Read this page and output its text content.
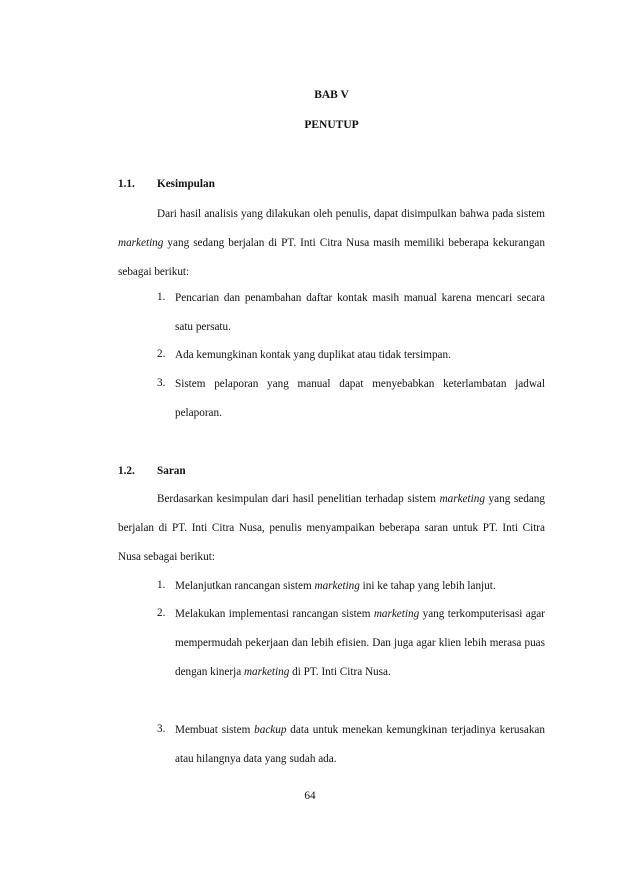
BAB V
PENUTUP
1.1. Kesimpulan
Dari hasil analisis yang dilakukan oleh penulis, dapat disimpulkan bahwa pada sistem marketing yang sedang berjalan di PT. Inti Citra Nusa masih memiliki beberapa kekurangan sebagai berikut:
1. Pencarian dan penambahan daftar kontak masih manual karena mencari secara satu persatu.
2. Ada kemungkinan kontak yang duplikat atau tidak tersimpan.
3. Sistem pelaporan yang manual dapat menyebabkan keterlambatan jadwal pelaporan.
1.2. Saran
Berdasarkan kesimpulan dari hasil penelitian terhadap sistem marketing yang sedang berjalan di PT. Inti Citra Nusa, penulis menyampaikan beberapa saran untuk PT. Inti Citra Nusa sebagai berikut:
1. Melanjutkan rancangan sistem marketing ini ke tahap yang lebih lanjut.
2. Melakukan implementasi rancangan sistem marketing yang terkomputerisasi agar mempermudah pekerjaan dan lebih efisien. Dan juga agar klien lebih merasa puas dengan kinerja marketing di PT. Inti Citra Nusa.
3. Membuat sistem backup data untuk menekan kemungkinan terjadinya kerusakan atau hilangnya data yang sudah ada.
64
